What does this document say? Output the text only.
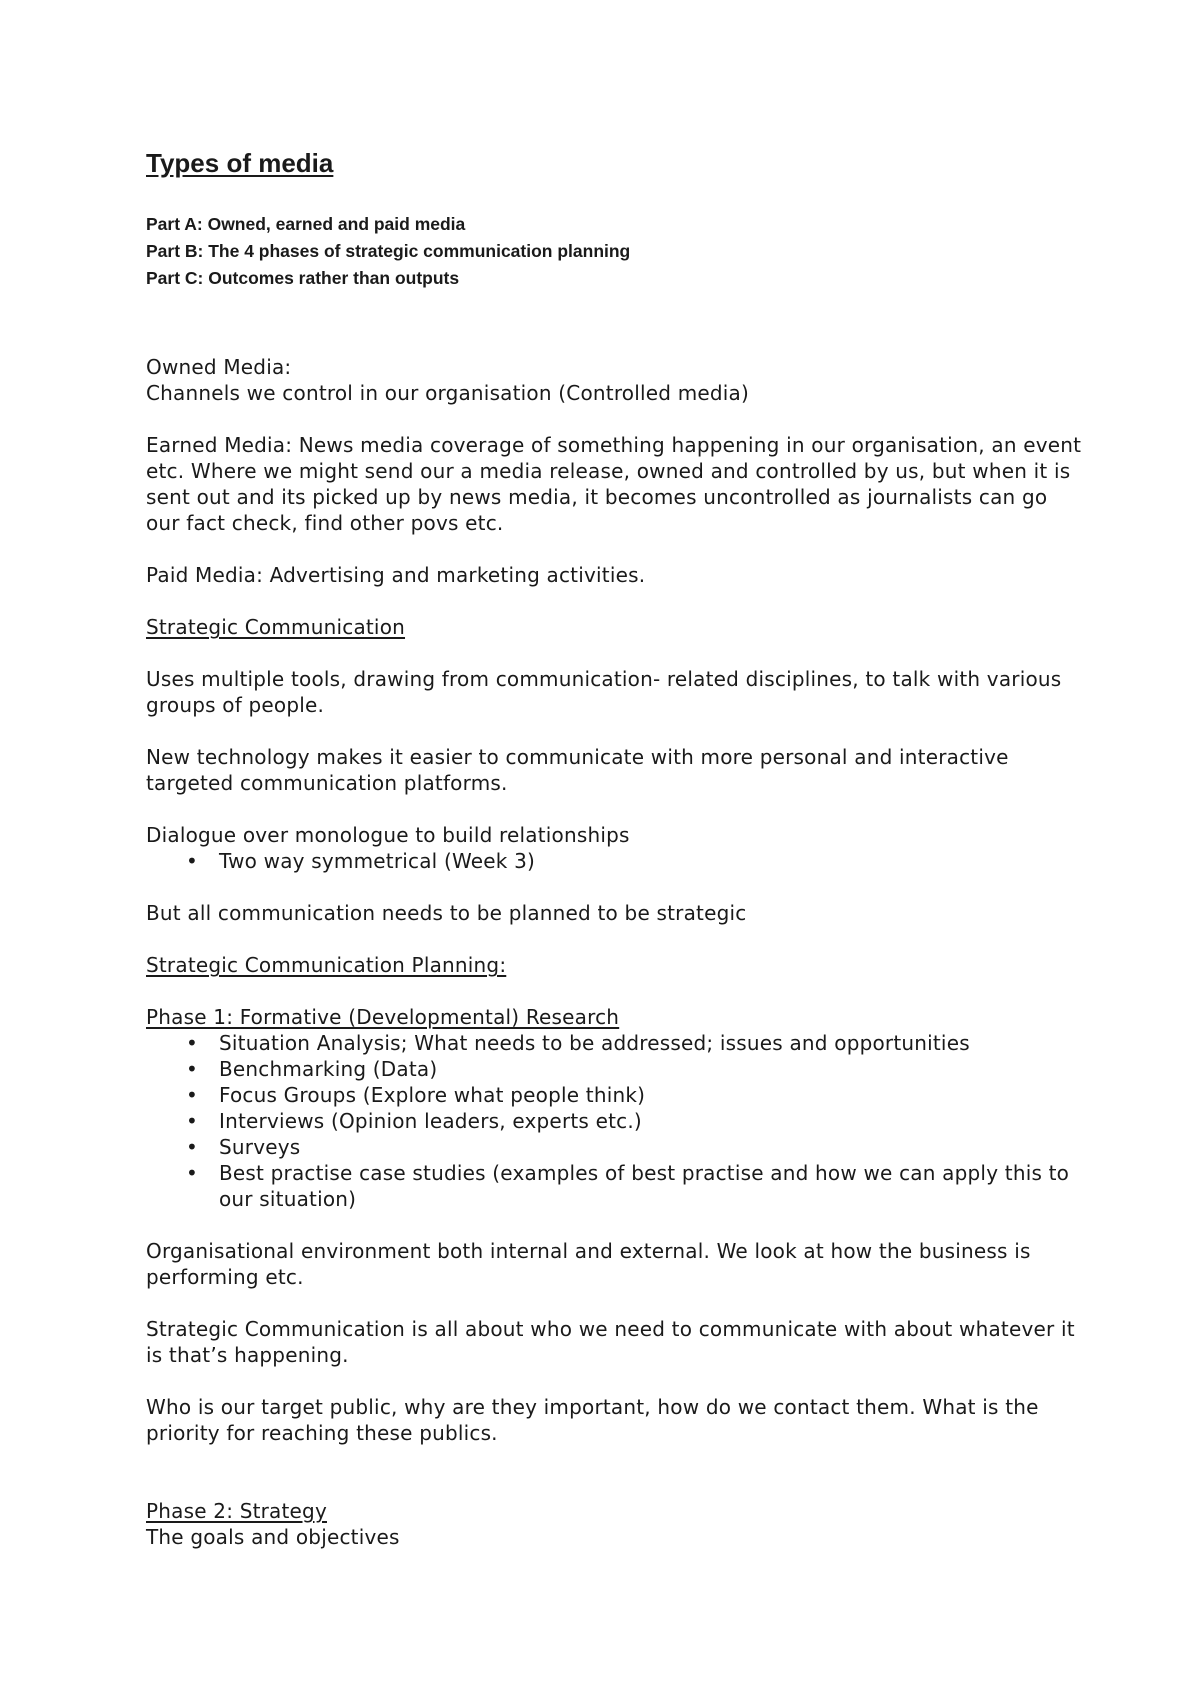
Types of media
Part A: Owned, earned and paid media
Part B: The 4 phases of strategic communication planning
Part C: Outcomes rather than outputs
Owned Media:
Channels we control in our organisation (Controlled media)
Earned Media: News media coverage of something happening in our organisation, an event etc. Where we might send our a media release, owned and controlled by us, but when it is sent out and its picked up by news media, it becomes uncontrolled as journalists can go our fact check, find other povs etc.
Paid Media: Advertising and marketing activities.
Strategic Communication
Uses multiple tools, drawing from communication- related disciplines, to talk with various groups of people.
New technology makes it easier to communicate with more personal and interactive targeted communication platforms.
Dialogue over monologue to build relationships
• Two way symmetrical (Week 3)
But all communication needs to be planned to be strategic
Strategic Communication Planning:
Phase 1: Formative (Developmental) Research
• Situation Analysis; What needs to be addressed; issues and opportunities
• Benchmarking (Data)
• Focus Groups (Explore what people think)
• Interviews (Opinion leaders, experts etc.)
• Surveys
• Best practise case studies (examples of best practise and how we can apply this to our situation)
Organisational environment both internal and external. We look at how the business is performing etc.
Strategic Communication is all about who we need to communicate with about whatever it is that’s happening.
Who is our target public, why are they important, how do we contact them. What is the priority for reaching these publics.
Phase 2: Strategy
The goals and objectives
